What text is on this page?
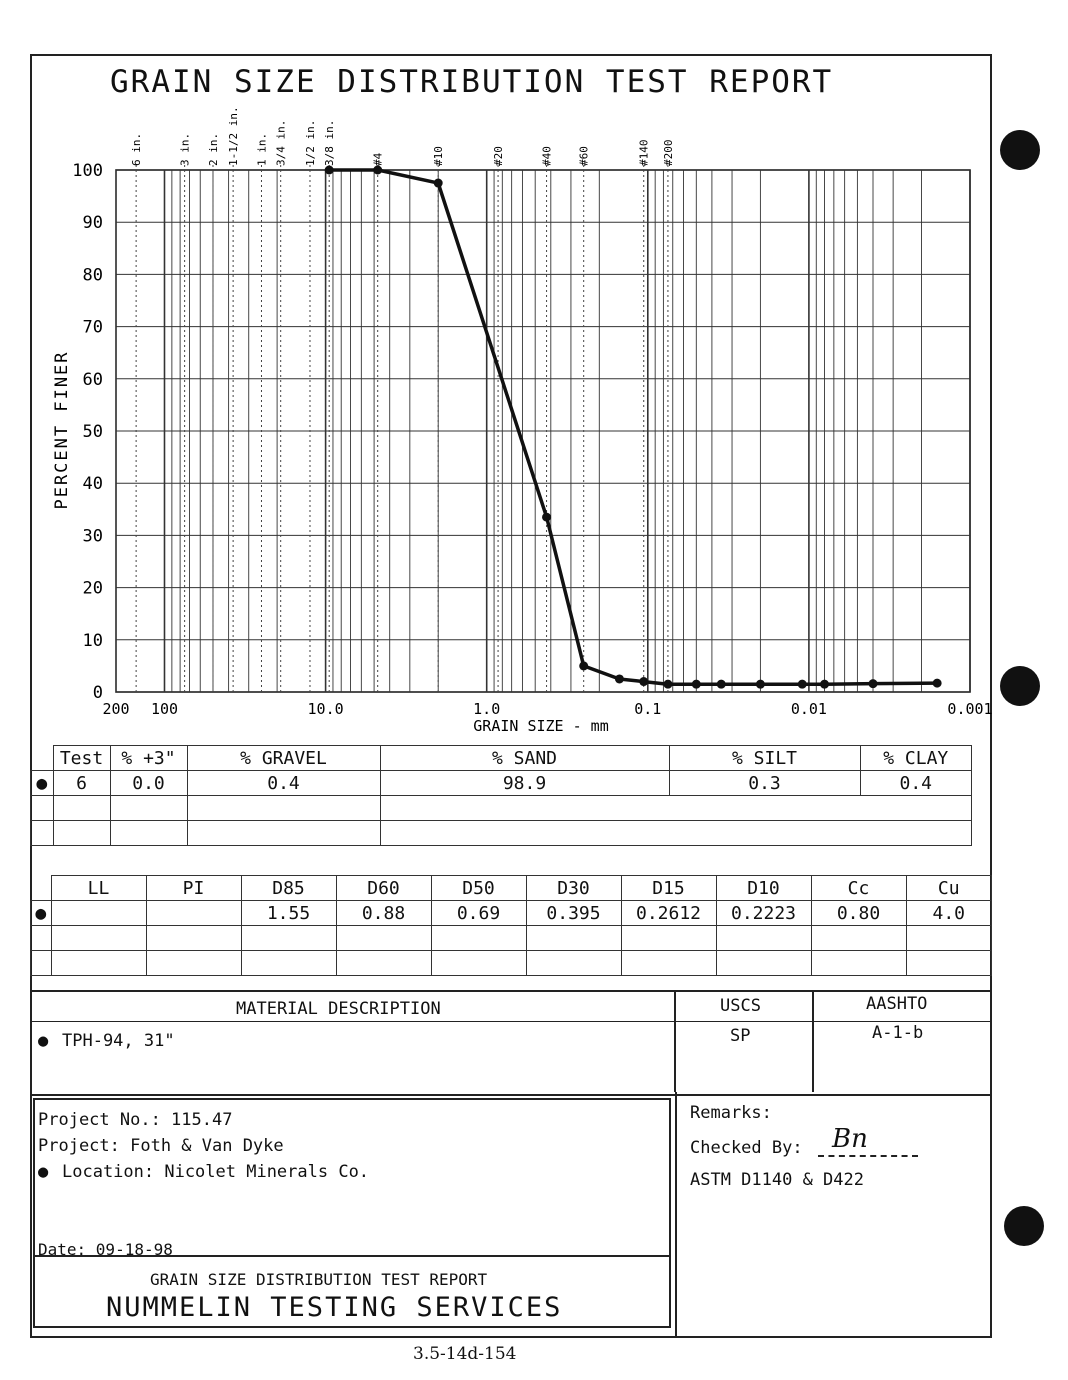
GRAIN SIZE DISTRIBUTION TEST REPORT
0
10
20
30
40
50
60
70
80
90
100
200 100	10.0	1.0	0.1	0.01	0.001
6 in.	3 in. 2 in. 1-1/2 in. 1 in. 3/4 in. 1/2 in. 3/8 in.	#4	#10	#20	#40 #60	#140 #200
PERCENT FINER
GRAIN SIZE - mm
	Test	% +3"	% GRAVEL	% SAND	% SILT	% CLAY
●	6	0.0	0.4	98.9	0.3	0.4

	LL	PI	D85	D60	D50	D30	D15	D10	Cc	Cu
●			1.55	0.88	0.69	0.395	0.2612	0.2223	0.80	4.0

MATERIAL DESCRIPTION	USCS	AASHTO
● TPH-94, 31"	SP	A-1-b
Project No.: 115.47
Project: Foth & Van Dyke
● Location: Nicolet Minerals Co.
Date: 09-18-98
GRAIN SIZE DISTRIBUTION TEST REPORT
NUMMELIN TESTING SERVICES
Remarks:
Checked By: Bn
ASTM D1140 & D422
3.5-14d-154
